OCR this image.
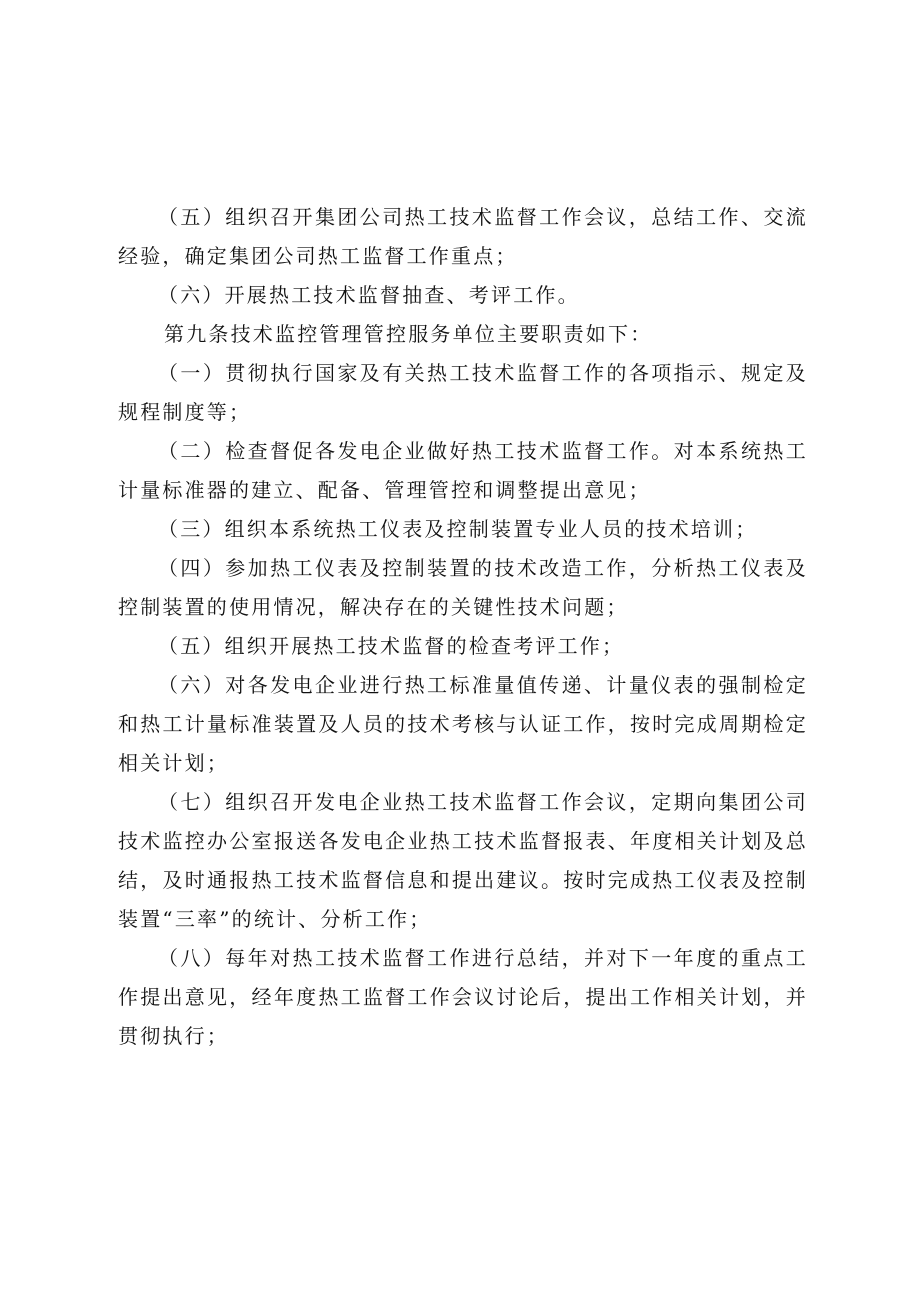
（五）组织召开集团公司热工技术监督工作会议，总结工作、交流经验，确定集团公司热工监督工作重点；

（六）开展热工技术监督抽查、考评工作。

第九条技术监控管理管控服务单位主要职责如下：

（一）贯彻执行国家及有关热工技术监督工作的各项指示、规定及规程制度等；

（二）检查督促各发电企业做好热工技术监督工作。对本系统热工计量标准器的建立、配备、管理管控和调整提出意见；

（三）组织本系统热工仪表及控制装置专业人员的技术培训；

（四）参加热工仪表及控制装置的技术改造工作，分析热工仪表及控制装置的使用情况，解决存在的关键性技术问题；

（五）组织开展热工技术监督的检查考评工作；

（六）对各发电企业进行热工标准量值传递、计量仪表的强制检定和热工计量标准装置及人员的技术考核与认证工作，按时完成周期检定相关计划；

（七）组织召开发电企业热工技术监督工作会议，定期向集团公司技术监控办公室报送各发电企业热工技术监督报表、年度相关计划及总结，及时通报热工技术监督信息和提出建议。按时完成热工仪表及控制装置“三率”的统计、分析工作；

（八）每年对热工技术监督工作进行总结，并对下一年度的重点工作提出意见，经年度热工监督工作会议讨论后，提出工作相关计划，并贯彻执行；
